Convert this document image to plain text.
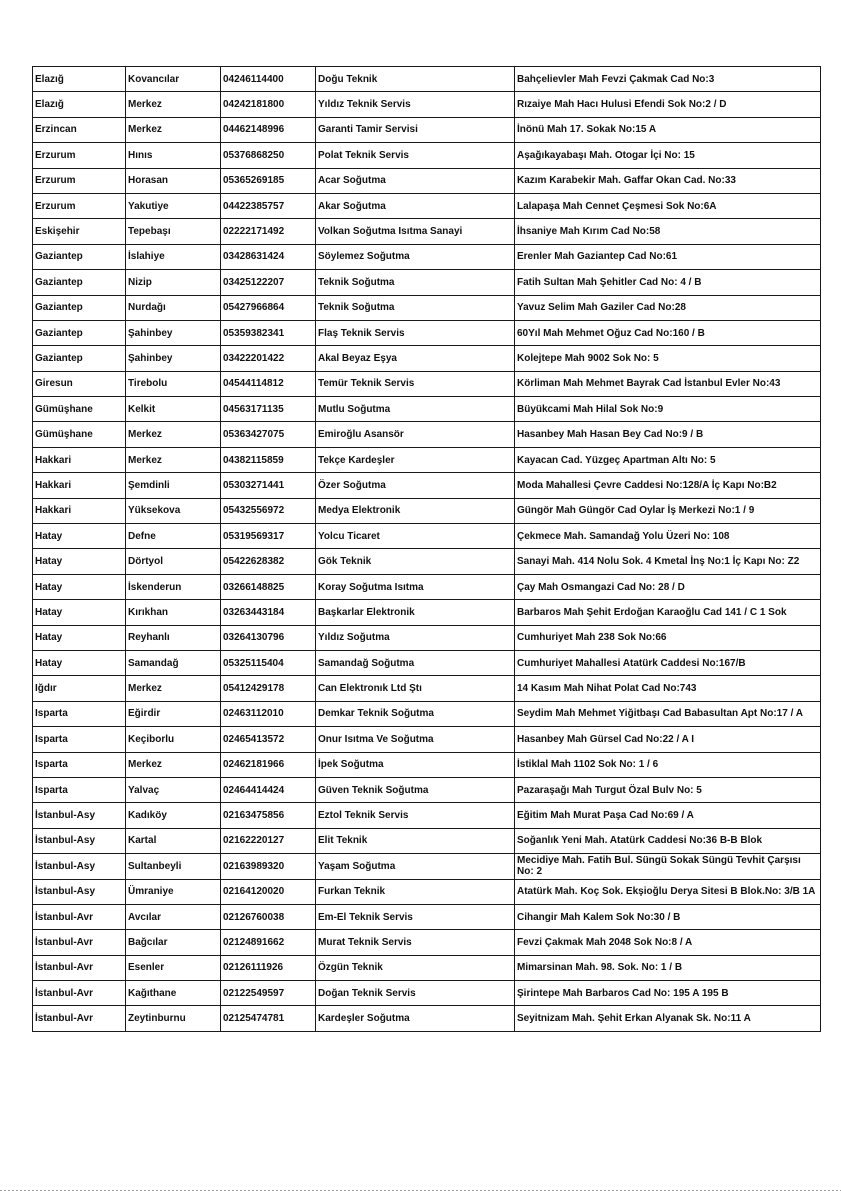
Elazığ	Kovancılar	04246114400	Doğu Teknik	Bahçelievler Mah Fevzi Çakmak Cad No:3
Elazığ	Merkez	04242181800	Yıldız Teknik Servis	Rızaiye Mah Hacı Hulusi Efendi Sok No:2 / D
Erzincan	Merkez	04462148996	Garanti Tamir Servisi	İnönü Mah 17. Sokak No:15 A
Erzurum	Hınıs	05376868250	Polat Teknik Servis	Aşağıkayabaşı Mah. Otogar İçi No: 15
Erzurum	Horasan	05365269185	Acar Soğutma	Kazım Karabekir Mah. Gaffar Okan Cad. No:33
Erzurum	Yakutiye	04422385757	Akar Soğutma	Lalapaşa Mah Cennet Çeşmesi Sok No:6A
Eskişehir	Tepebaşı	02222171492	Volkan Soğutma Isıtma Sanayi	İhsaniye Mah Kırım Cad No:58
Gaziantep	İslahiye	03428631424	Söylemez Soğutma	Erenler Mah Gaziantep Cad No:61
Gaziantep	Nizip	03425122207	Teknik Soğutma	Fatih Sultan Mah Şehitler Cad No: 4 / B
Gaziantep	Nurdağı	05427966864	Teknik Soğutma	Yavuz Selim Mah Gaziler Cad No:28
Gaziantep	Şahinbey	05359382341	Flaş Teknik Servis	60Yıl Mah Mehmet Oğuz Cad No:160 / B
Gaziantep	Şahinbey	03422201422	Akal Beyaz Eşya	Kolejtepe Mah 9002 Sok No: 5
Giresun	Tirebolu	04544114812	Temür Teknik Servis	Körliman Mah Mehmet Bayrak Cad İstanbul Evler No:43
Gümüşhane	Kelkit	04563171135	Mutlu Soğutma	Büyükcami Mah Hilal Sok No:9
Gümüşhane	Merkez	05363427075	Emiroğlu Asansör	Hasanbey Mah Hasan Bey Cad No:9 / B
Hakkari	Merkez	04382115859	Tekçe Kardeşler	Kayacan Cad. Yüzgeç Apartman Altı No: 5
Hakkari	Şemdinli	05303271441	Özer Soğutma	Moda Mahallesi Çevre Caddesi No:128/A İç Kapı No:B2
Hakkari	Yüksekova	05432556972	Medya Elektronik	Güngör Mah Güngör Cad Oylar İş Merkezi No:1 / 9
Hatay	Defne	05319569317	Yolcu Ticaret	Çekmece Mah. Samandağ Yolu Üzeri No: 108
Hatay	Dörtyol	05422628382	Gök Teknik	Sanayi Mah. 414 Nolu Sok. 4 Kmetal İnş No:1 İç Kapı No: Z2
Hatay	İskenderun	03266148825	Koray Soğutma Isıtma	Çay Mah Osmangazi Cad No: 28 / D
Hatay	Kırıkhan	03263443184	Başkarlar Elektronik	Barbaros Mah Şehit Erdoğan Karaoğlu Cad 141 / C 1 Sok
Hatay	Reyhanlı	03264130796	Yıldız Soğutma	Cumhuriyet Mah 238 Sok No:66
Hatay	Samandağ	05325115404	Samandağ Soğutma	Cumhuriyet Mahallesi Atatürk Caddesi No:167/B
Iğdır	Merkez	05412429178	Can Elektronık Ltd Ştı	14 Kasım Mah Nihat Polat Cad No:743
Isparta	Eğirdir	02463112010	Demkar Teknik Soğutma	Seydim Mah Mehmet Yiğitbaşı Cad Babasultan Apt No:17 / A
Isparta	Keçiborlu	02465413572	Onur Isıtma Ve Soğutma	Hasanbey Mah Gürsel Cad No:22 / A I
Isparta	Merkez	02462181966	İpek Soğutma	İstiklal Mah 1102 Sok No: 1 / 6
Isparta	Yalvaç	02464414424	Güven Teknik Soğutma	Pazaraşağı Mah Turgut Özal Bulv No: 5
İstanbul-Asy	Kadıköy	02163475856	Eztol Teknik Servis	Eğitim Mah Murat Paşa Cad No:69 / A
İstanbul-Asy	Kartal	02162220127	Elit Teknik	Soğanlık Yeni Mah. Atatürk Caddesi No:36 B-B Blok
İstanbul-Asy	Sultanbeyli	02163989320	Yaşam Soğutma	Mecidiye Mah. Fatih Bul. Süngü Sokak Süngü Tevhit Çarşısı No: 2
İstanbul-Asy	Ümraniye	02164120020	Furkan Teknik	Atatürk Mah. Koç Sok. Ekşioğlu Derya Sitesi B Blok.No: 3/B 1A
İstanbul-Avr	Avcılar	02126760038	Em-El Teknik Servis	Cihangir Mah Kalem Sok No:30 / B
İstanbul-Avr	Bağcılar	02124891662	Murat Teknik Servis	Fevzi Çakmak Mah 2048 Sok No:8 / A
İstanbul-Avr	Esenler	02126111926	Özgün Teknik	Mimarsinan Mah. 98. Sok. No: 1 / B
İstanbul-Avr	Kağıthane	02122549597	Doğan Teknik Servis	Şirintepe Mah Barbaros Cad No: 195 A 195 B
İstanbul-Avr	Zeytinburnu	02125474781	Kardeşler Soğutma	Seyitnizam Mah. Şehit Erkan Alyanak Sk. No:11 A
